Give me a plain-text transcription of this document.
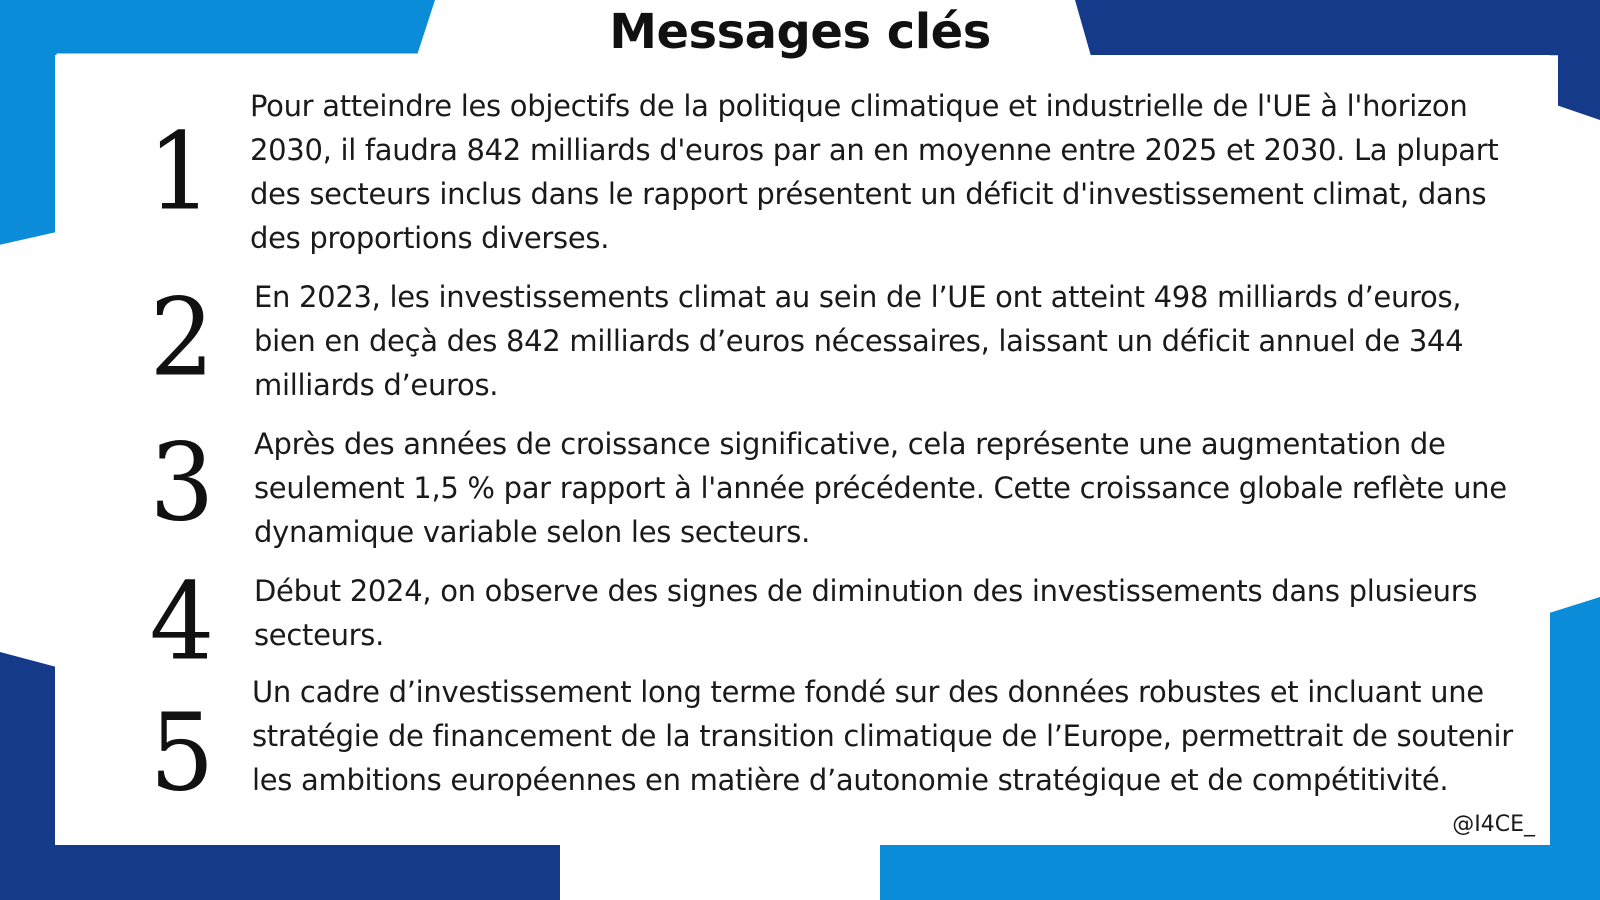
Messages clés
1
Pour atteindre les objectifs de la politique climatique et industrielle de l'UE à l'horizon 2030, il faudra 842 milliards d'euros par an en moyenne entre 2025 et 2030. La plupart des secteurs inclus dans le rapport présentent un déficit d'investissement climat, dans des proportions diverses.
2	En 2023, les investissements climat au sein de l’UE ont atteint 498 milliards d’euros, bien en deçà des 842 milliards d’euros nécessaires, laissant un déficit annuel de 344 milliards d’euros.
3	Après des années de croissance significative, cela représente une augmentation de seulement 1,5 % par rapport à l'année précédente. Cette croissance globale reflète une dynamique variable selon les secteurs.
4	Début 2024, on observe des signes de diminution des investissements dans plusieurs secteurs.
5	Un cadre d’investissement long terme fondé sur des données robustes et incluant une stratégie de financement de la transition climatique de l’Europe, permettrait de soutenir les ambitions européennes en matière d’autonomie stratégique et de compétitivité.
@I4CE_
